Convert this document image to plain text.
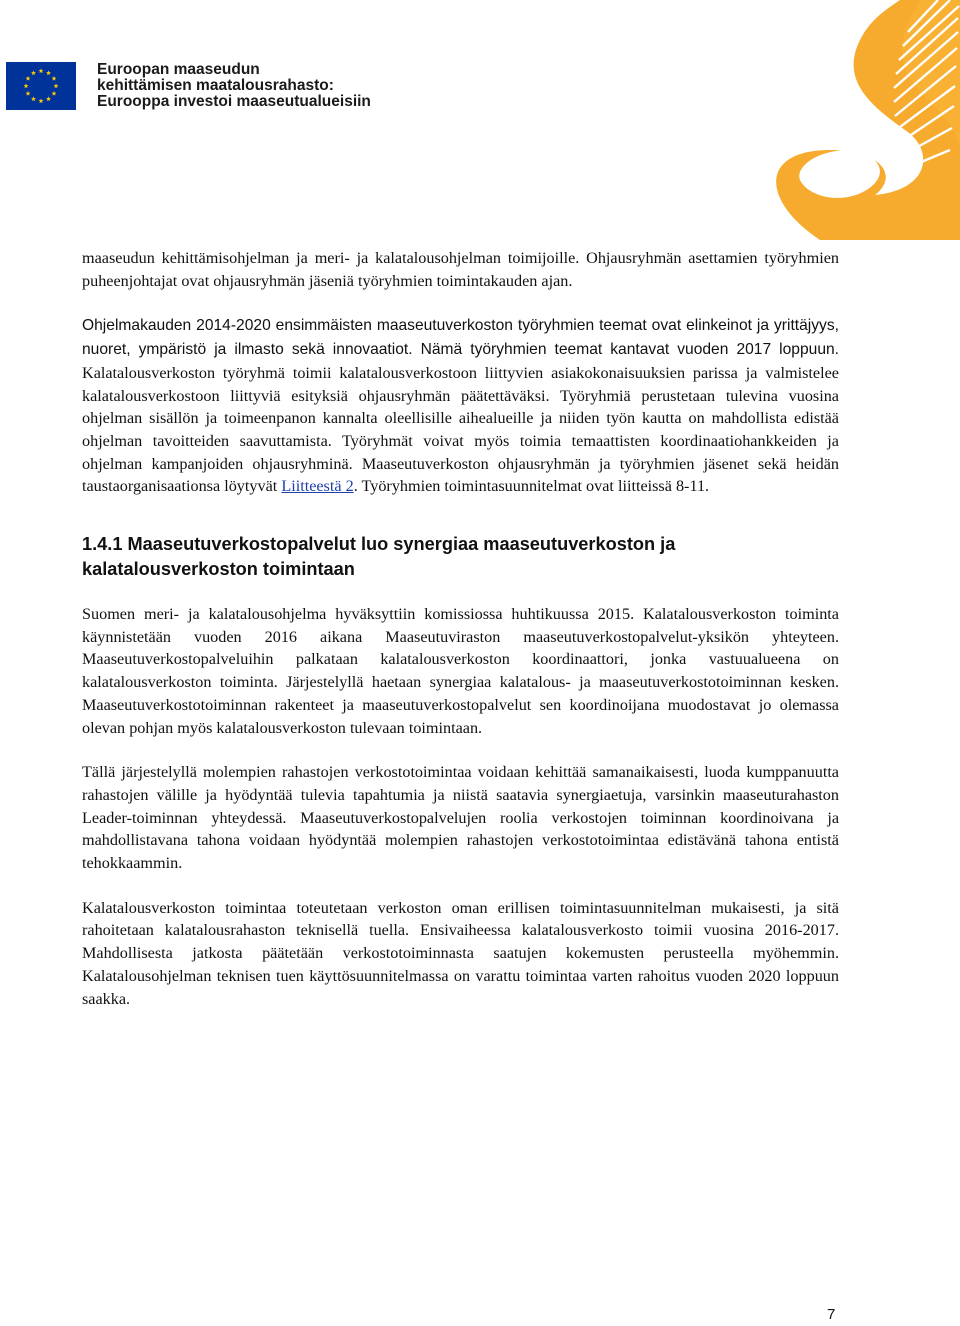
Euroopan maaseudun
kehittämisen maatalousrahasto:
Eurooppa investoi maaseutualueisiin

maaseudun kehittämisohjelman ja meri- ja kalatalousohjelman toimijoille. Ohjausryhmän asettamien työryhmien puheenjohtajat ovat ohjausryhmän jäseniä työryhmien toimintakauden ajan.

Ohjelmakauden 2014-2020 ensimmäisten maaseutuverkoston työryhmien teemat ovat elinkeinot ja yrittäjyys, nuoret, ympäristö ja ilmasto sekä innovaatiot. Nämä työryhmien teemat kantavat vuoden 2017 loppuun. Kalatalousverkoston työryhmä toimii kalatalousverkostoon liittyvien asiakokonaisuuksien parissa ja valmistelee kalatalousverkostoon liittyviä esityksiä ohjausryhmän päätettäväksi. Työryhmiä perustetaan tulevina vuosina ohjelman sisällön ja toimeenpanon kannalta oleellisille aihealueille ja niiden työn kautta on mahdollista edistää ohjelman tavoitteiden saavuttamista. Työryhmät voivat myös toimia temaattisten koordinaatiohankkeiden ja ohjelman kampanjoiden ohjausryhminä. Maaseutuverkoston ohjausryhmän ja työryhmien jäsenet sekä heidän taustaorganisaationsa löytyvät Liitteestä 2. Työryhmien toimintasuunnitelmat ovat liitteissä 8-11.

1.4.1 Maaseutuverkostopalvelut luo synergiaa maaseutuverkoston ja kalatalousverkoston toimintaan

Suomen meri- ja kalatalousohjelma hyväksyttiin komissiossa huhtikuussa 2015. Kalatalousverkoston toiminta käynnistetään vuoden 2016 aikana Maaseutuviraston maaseutuverkostopalvelut-yksikön yhteyteen. Maaseutuverkostopalveluihin palkataan kalatalousverkoston koordinaattori, jonka vastuualueena on kalatalousverkoston toiminta. Järjestelyllä haetaan synergiaa kalatalous- ja maaseutuverkostotoiminnan kesken. Maaseutuverkostotoiminnan rakenteet ja maaseutuverkostopalvelut sen koordinoijana muodostavat jo olemassa olevan pohjan myös kalatalousverkoston tulevaan toimintaan.

Tällä järjestelyllä molempien rahastojen verkostotoimintaa voidaan kehittää samanaikaisesti, luoda kumppanuutta rahastojen välille ja hyödyntää tulevia tapahtumia ja niistä saatavia synergiaetuja, varsinkin maaseuturahaston Leader-toiminnan yhteydessä. Maaseutuverkostopalvelujen roolia verkostojen toiminnan koordinoivana ja mahdollistavana tahona voidaan hyödyntää molempien rahastojen verkostotoimintaa edistävänä tahona entistä tehokkaammin.

Kalatalousverkoston toimintaa toteutetaan verkoston oman erillisen toimintasuunnitelman mukaisesti, ja sitä rahoitetaan kalatalousrahaston teknisellä tuella. Ensivaiheessa kalatalousverkosto toimii vuosina 2016-2017. Mahdollisesta jatkosta päätetään verkostotoiminnasta saatujen kokemusten perusteella myöhemmin. Kalatalousohjelman teknisen tuen käyttösuunnitelmassa on varattu toimintaa varten rahoitus vuoden 2020 loppuun saakka.

7
